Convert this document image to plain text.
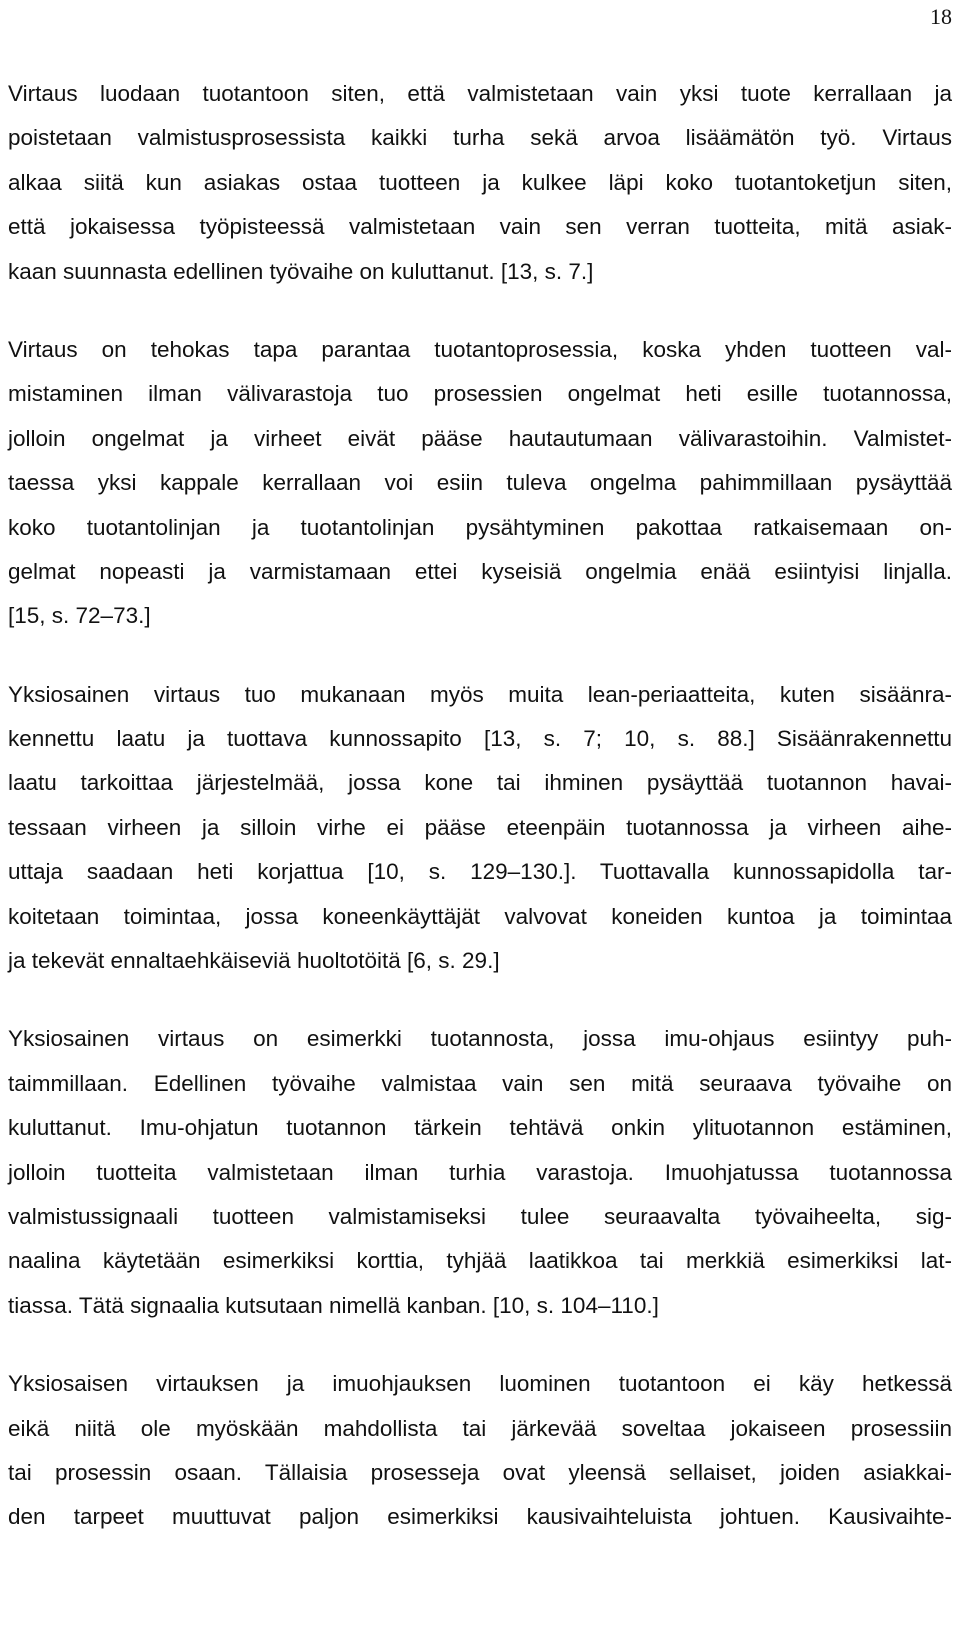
18
Virtaus luodaan tuotantoon siten, että valmistetaan vain yksi tuote kerrallaan ja
poistetaan valmistusprosessista kaikki turha sekä arvoa lisäämätön työ. Virtaus
alkaa siitä kun asiakas ostaa tuotteen ja kulkee läpi koko tuotantoketjun siten,
että jokaisessa työpisteessä valmistetaan vain sen verran tuotteita, mitä asiak-
kaan suunnasta edellinen työvaihe on kuluttanut. [13, s. 7.]
Virtaus on tehokas tapa parantaa tuotantoprosessia, koska yhden tuotteen val-
mistaminen ilman välivarastoja tuo prosessien ongelmat heti esille tuotannossa,
jolloin ongelmat ja virheet eivät pääse hautautumaan välivarastoihin. Valmistet-
taessa yksi kappale kerrallaan voi esiin tuleva ongelma pahimmillaan pysäyttää
koko tuotantolinjan ja tuotantolinjan pysähtyminen pakottaa ratkaisemaan on-
gelmat nopeasti ja varmistamaan ettei kyseisiä ongelmia enää esiintyisi linjalla.
[15, s. 72–73.]
Yksiosainen virtaus tuo mukanaan myös muita lean-periaatteita, kuten sisäänra-
kennettu laatu ja tuottava kunnossapito [13, s. 7; 10, s. 88.] Sisäänrakennettu
laatu tarkoittaa järjestelmää, jossa kone tai ihminen pysäyttää tuotannon havai-
tessaan virheen ja silloin virhe ei pääse eteenpäin tuotannossa ja virheen aihe-
uttaja saadaan heti korjattua [10, s. 129–130.]. Tuottavalla kunnossapidolla tar-
koitetaan toimintaa, jossa koneenkäyttäjät valvovat koneiden kuntoa ja toimintaa
ja tekevät ennaltaehkäiseviä huoltotöitä [6, s. 29.]
Yksiosainen virtaus on esimerkki tuotannosta, jossa imu-ohjaus esiintyy puh-
taimmillaan. Edellinen työvaihe valmistaa vain sen mitä seuraava työvaihe on
kuluttanut. Imu-ohjatun tuotannon tärkein tehtävä onkin ylituotannon estäminen,
jolloin tuotteita valmistetaan ilman turhia varastoja. Imuohjatussa tuotannossa
valmistussignaali tuotteen valmistamiseksi tulee seuraavalta työvaiheelta, sig-
naalina käytetään esimerkiksi korttia, tyhjää laatikkoa tai merkkiä esimerkiksi lat-
tiassa. Tätä signaalia kutsutaan nimellä kanban. [10, s. 104–110.]
Yksiosaisen virtauksen ja imuohjauksen luominen tuotantoon ei käy hetkessä
eikä niitä ole myöskään mahdollista tai järkevää soveltaa jokaiseen prosessiin
tai prosessin osaan. Tällaisia prosesseja ovat yleensä sellaiset, joiden asiakkai-
den tarpeet muuttuvat paljon esimerkiksi kausivaihteluista johtuen. Kausivaihte-
